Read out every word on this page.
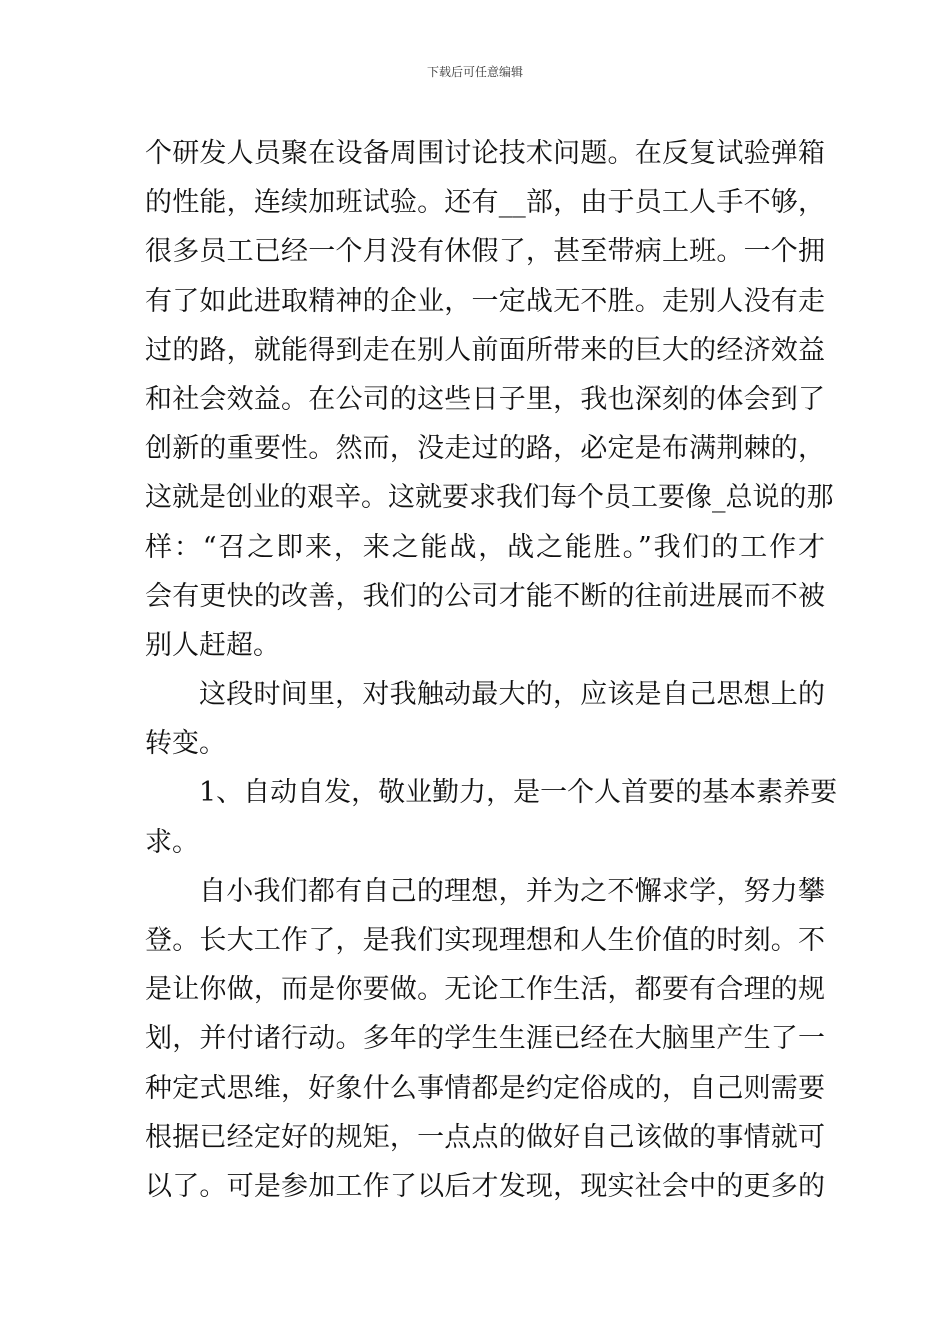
下载后可任意编辑
个研发人员聚在设备周围讨论技术问题。在反复试验弹箱
的性能，连续加班试验。还有__部，由于员工人手不够，
很多员工已经一个月没有休假了，甚至带病上班。一个拥
有了如此进取精神的企业，一定战无不胜。走别人没有走
过的路，就能得到走在别人前面所带来的巨大的经济效益
和社会效益。在公司的这些日子里，我也深刻的体会到了
创新的重要性。然而，没走过的路，必定是布满荆棘的，
这就是创业的艰辛。这就要求我们每个员工要像_总说的那
样：“召之即来，来之能战，战之能胜。”我们的工作才
会有更快的改善，我们的公司才能不断的往前进展而不被
别人赶超。
这段时间里，对我触动最大的，应该是自己思想上的
转变。
1、自动自发，敬业勤力，是一个人首要的基本素养要
求。
自小我们都有自己的理想，并为之不懈求学，努力攀
登。长大工作了，是我们实现理想和人生价值的时刻。不
是让你做，而是你要做。无论工作生活，都要有合理的规
划，并付诸行动。多年的学生生涯已经在大脑里产生了一
种定式思维，好象什么事情都是约定俗成的，自己则需要
根据已经定好的规矩，一点点的做好自己该做的事情就可
以了。可是参加工作了以后才发现，现实社会中的更多的
